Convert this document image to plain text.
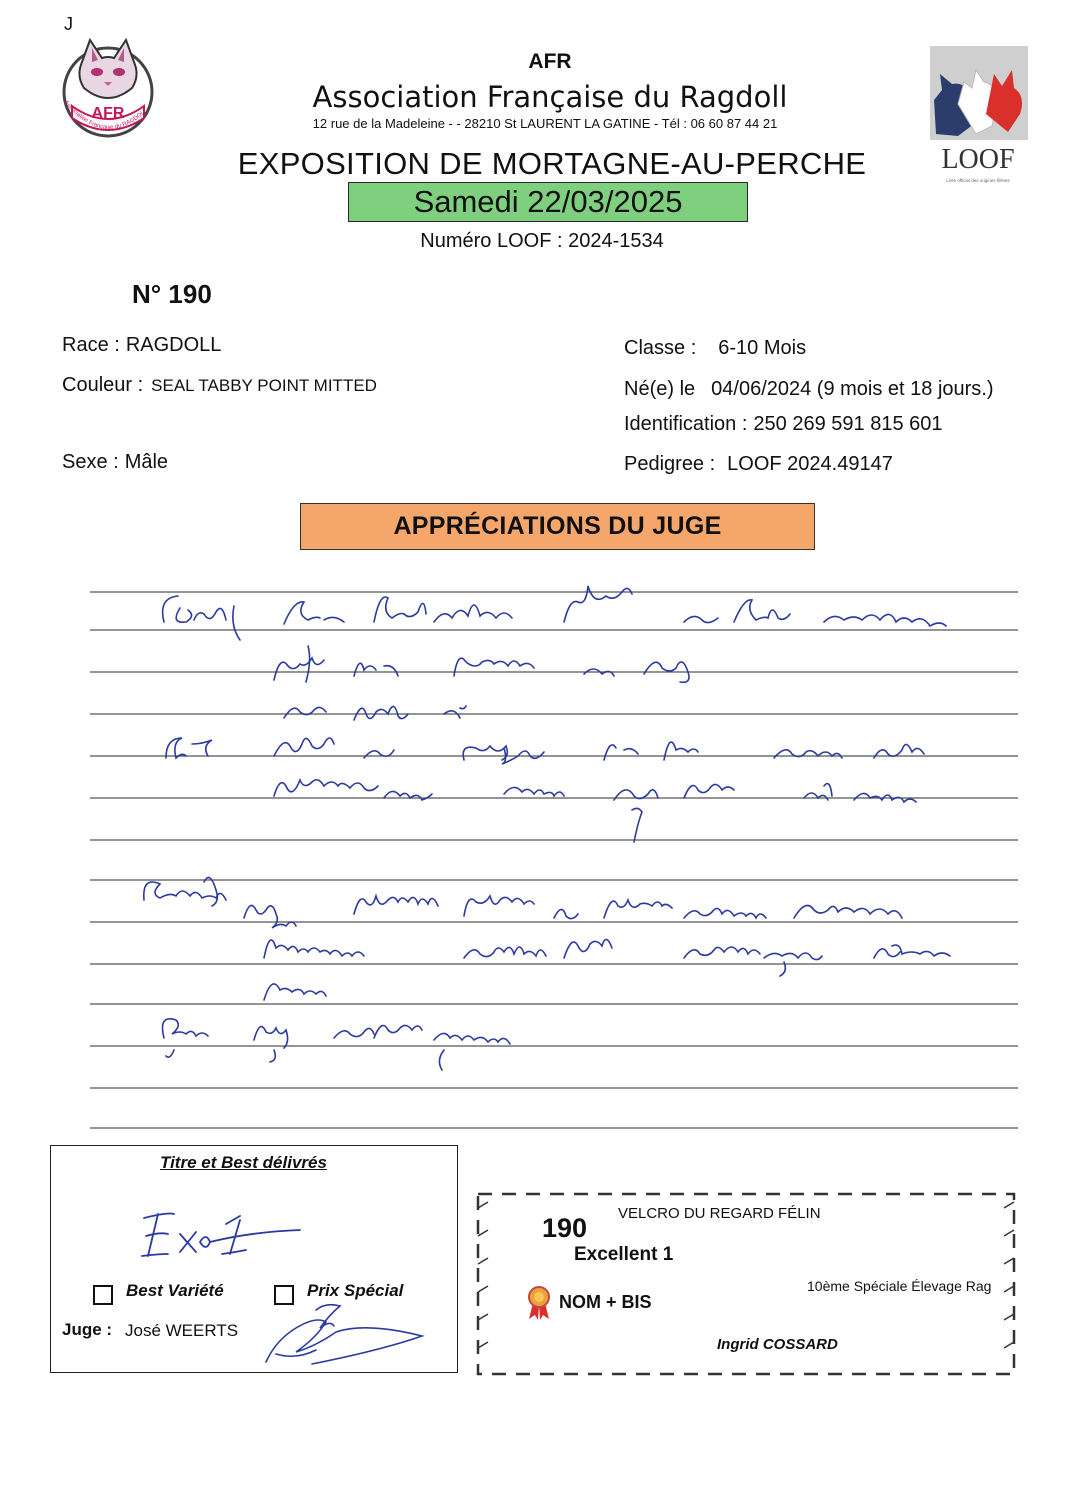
J
AFR
Association Française du RAGDOLL
LOOF
Livre officiel des origines félines
AFR
Association Française du Ragdoll
12 rue de la Madeleine - - 28210 St LAURENT LA GATINE - Tél : 06 60 87 44 21
EXPOSITION DE MORTAGNE-AU-PERCHE
Samedi 22/03/2025
Numéro LOOF : 2024-1534
N° 190
Race : RAGDOLL
Couleur : SEAL TABBY POINT MITTED
Sexe : Mâle
Classe : 6-10 Mois
Né(e) le 04/06/2024 (9 mois et 18 jours.)
Identification : 250 269 591 815 601
Pedigree : LOOF 2024.49147
APPRÉCIATIONS DU JUGE
Titre et Best délivrés
Best Variété	Prix Spécial
Juge : José WEERTS
190 VELCRO DU REGARD FÉLIN
Excellent 1
NOM + BIS
10ème Spéciale Élevage Rag
Ingrid COSSARD
